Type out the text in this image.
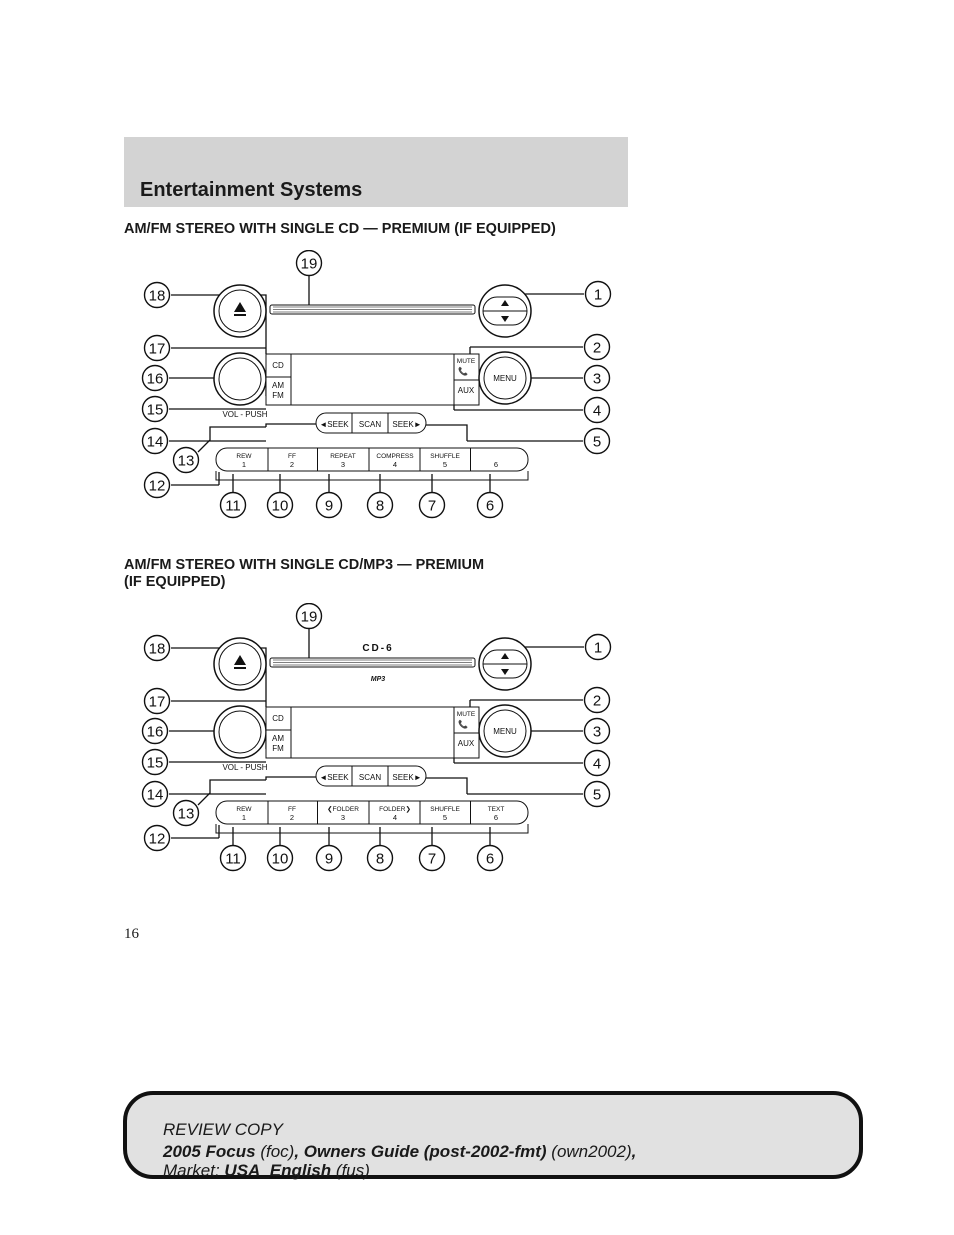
Entertainment Systems
AM/FM STEREO WITH SINGLE CD — PREMIUM (IF EQUIPPED)
CD
AM
FM
VOL - PUSH
MUTE
📞
AUX
MENU
◄SEEK SCAN SEEK►
REW
1
FF
2
REPEAT
3
COMPRESS
4
SHUFFLE
5	6
1
2
3
4
5
6
7
8
9
10
11
12
13
14
15
16
17
18
19
AM/FM STEREO WITH SINGLE CD/MP3 — PREMIUM
(IF EQUIPPED)
CD-6
MP3
CD
AM
FM
VOL - PUSH
MUTE
📞
AUX
MENU
◄SEEK SCAN SEEK►
REW
1
FF
2
❮FOLDER
3
FOLDER❯
4
SHUFFLE
5
TEXT
6
1
2
3
4
5
6
7
8
9
10
11
12
13
14
15
16
17
18
19
16
REVIEW COPY
2005 Focus (foc), Owners Guide (post-2002-fmt) (own2002),
Market: USA_English (fus)
